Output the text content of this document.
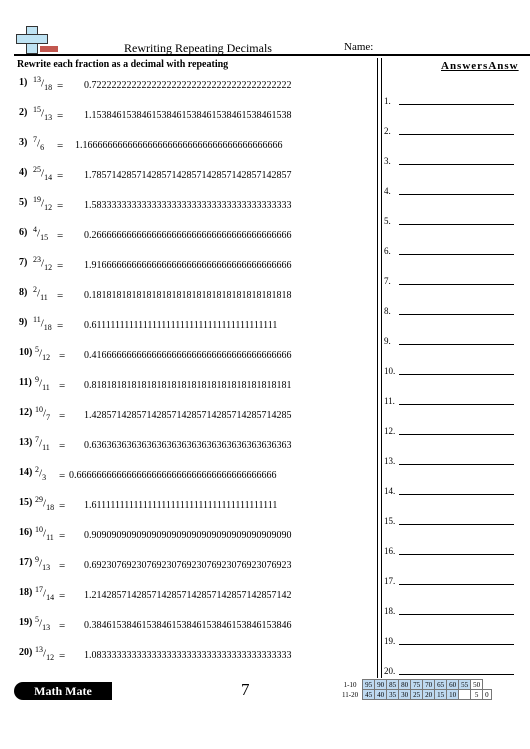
Rewriting Repeating Decimals	Name:
Rewrite each fraction as a decimal with repeating	AnswersAnsw
1) $^{13}/_{18} = 0.7222222222222222222222222222222222222222$
2) $^{15}/_{13} = 1.1538461538461538461538461538461538461538$
3) $^7/_6 = 1.1666666666666666666666666666666666666666$
4) $^{25}/_{14} = 1.7857142857142857142857142857142857142857$
5) $^{19}/_{12} = 1.5833333333333333333333333333333333333333$
6) $^4/_{15} = 0.2666666666666666666666666666666666666666$
7) $^{23}/_{12} = 1.9166666666666666666666666666666666666666$
8) $^2/_{11} = 0.1818181818181818181818181818181818181818$
9) $^{11}/_{18} = 0.6111111111111111111111111111111111111111$
10) $^5/_{12} = 0.4166666666666666666666666666666666666666$
11) $^9/_{11} = 0.8181818181818181818181818181818181818181$
12) $^{10}/_7 = 1.4285714285714285714285714285714285714285$
13) $^7/_{11} = 0.6363636363636363636363636363636363636363$
14) $^2/_3 = 0.6666666666666666666666666666666666666666$
15) $^{29}/_{18} = 1.6111111111111111111111111111111111111111$
16) $^{10}/_{11} = 0.9090909090909090909090909090909090909090$
17) $^9/_{13} = 0.6923076923076923076923076923076923076923$
18) $^{17}/_{14} = 1.2142857142857142857142857142857142857142$
19) $^5/_{13} = 0.3846153846153846153846153846153846153846$
20) $^{13}/_{12} = 1.0833333333333333333333333333333333333333$
1.
2.
3.
4.
5.
6.
7.
8.
9.
10.
11.
12.
13.
14.
15.
16.
17.
18.
19.
20.
Math Mate	7	1-10	95	90	85	80	75	70	65	60	55	50	
11-20	45	40	35	30	25	20	15	10		5	0
